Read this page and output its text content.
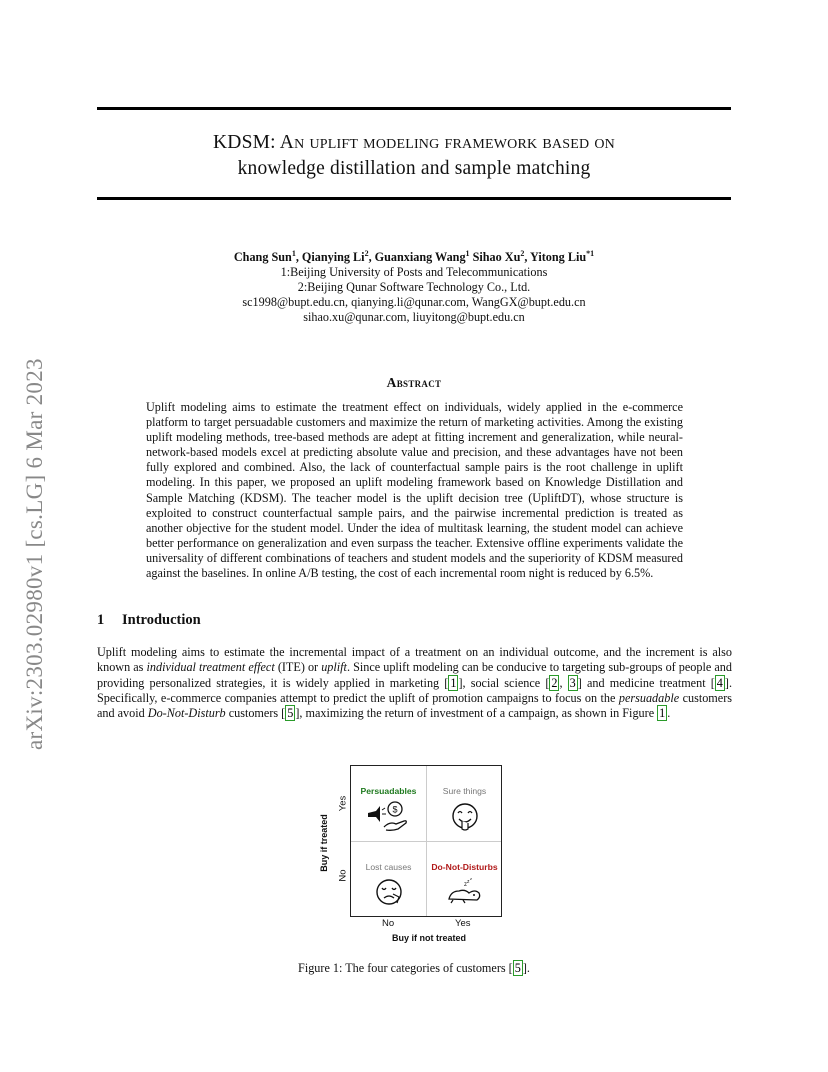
arXiv:2303.02980v1 [cs.LG] 6 Mar 2023
KDSM: An uplift modeling framework based on
knowledge distillation and sample matching
Chang Sun$^1$, Qianying Li$^2$, Guanxiang Wang$^1$ Sihao Xu$^2$, Yitong Liu$^{*1}$
1:Beijing University of Posts and Telecommunications
2:Beijing Qunar Software Technology Co., Ltd.
sc1998@bupt.edu.cn, qianying.li@qunar.com, WangGX@bupt.edu.cn
sihao.xu@qunar.com, liuyitong@bupt.edu.cn
Abstract
Uplift modeling aims to estimate the treatment effect on individuals, widely applied in the e-commerce platform to target persuadable customers and maximize the return of marketing activities. Among the existing uplift modeling methods, tree-based methods are adept at fitting increment and generalization, while neural-network-based models excel at predicting absolute value and precision, and these advantages have not been fully explored and combined. Also, the lack of counterfactual sample pairs is the root challenge in uplift modeling. In this paper, we proposed an uplift modeling framework based on Knowledge Distillation and Sample Matching (KDSM). The teacher model is the uplift decision tree (UpliftDT), whose structure is exploited to construct counterfactual sample pairs, and the pairwise incremental prediction is treated as another objective for the student model. Under the idea of multitask learning, the student model can achieve better performance on generalization and even surpass the teacher. Extensive offline experiments validate the universality of different combinations of teachers and student models and the superiority of KDSM measured against the baselines. In online A/B testing, the cost of each incremental room night is reduced by 6.5%.
1 Introduction
Uplift modeling aims to estimate the incremental impact of a treatment on an individual outcome, and the increment is also known as individual treatment effect (ITE) or uplift. Since uplift modeling can be conducive to targeting sub-groups of people and providing personalized strategies, it is widely applied in marketing [ 1 ], social science [ 2 , 3 ] and medicine treatment [ 4 ]. Specifically, e-commerce companies attempt to predict the uplift of promotion campaigns to focus on the persuadable customers and avoid Do-Not-Disturb customers [ 5 ], maximizing the return of investment of a campaign, as shown in Figure 1 .
Persuadables
$
Sure things
Lost causes	Do-Not-Disturbs
z
z
z
Buy if treated
Yes
No
No	Yes
Buy if not treated
Figure 1: The four categories of customers [ 5 ].
